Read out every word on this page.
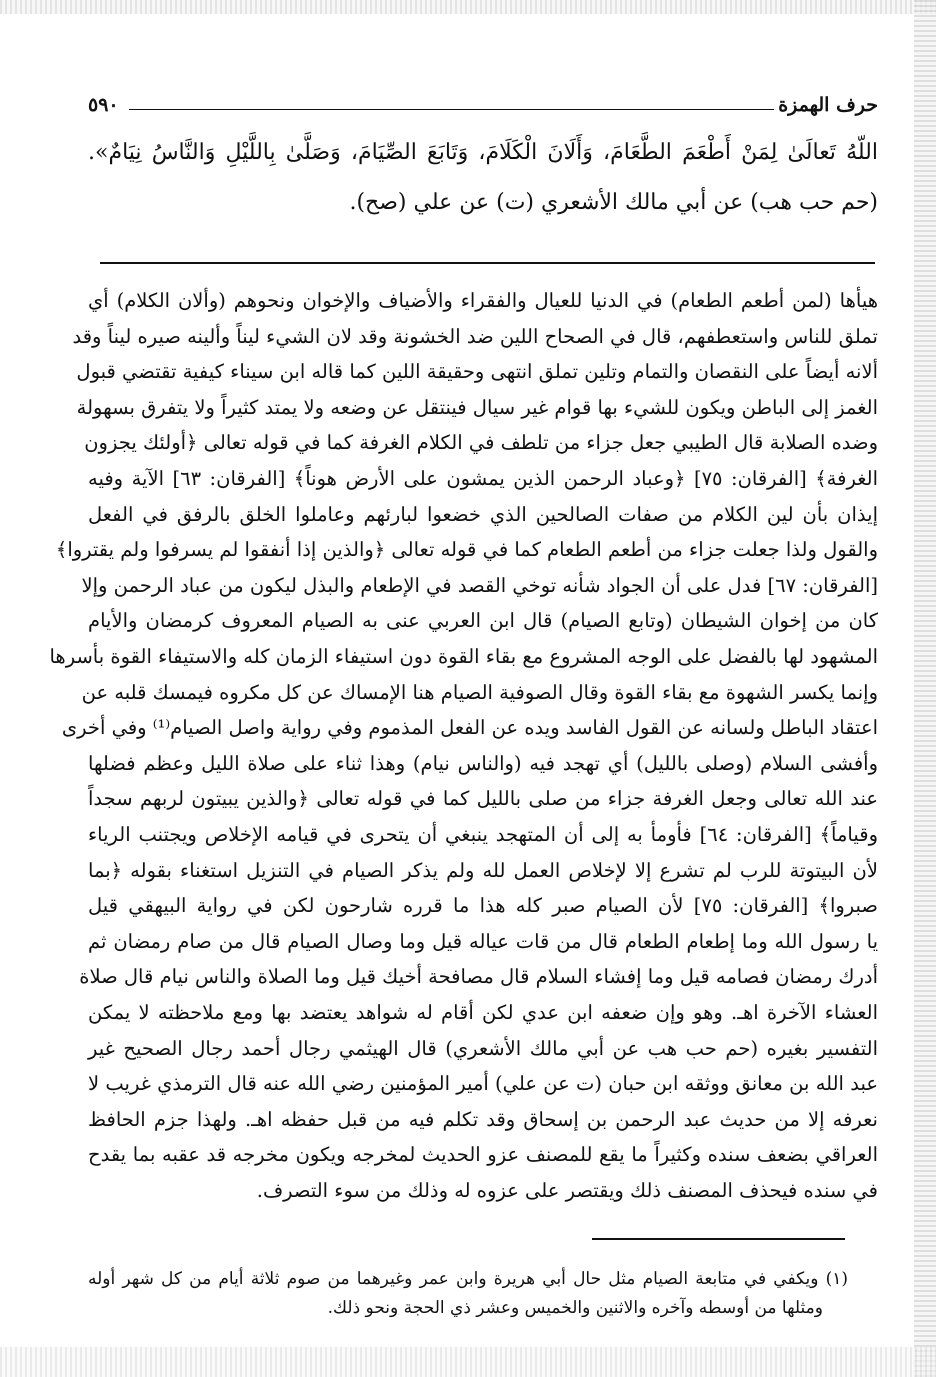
حرف الهمزة
٥٩٠
اللّهُ تَعالَىٰ لِمَنْ أَطْعَمَ الطَّعَامَ، وَأَلَانَ الْكَلَامَ، وَتَابَعَ الصِّيَامَ، وَصَلَّىٰ بِاللَّيْلِ وَالنَّاسُ نِيَامٌ».
(حم حب هب) عن أبي مالك الأشعري (ت) عن علي (صح).
هيأها (لمن أطعم الطعام) في الدنيا للعيال والفقراء والأضياف والإخوان ونحوهم (وألان الكلام) أي
تملق للناس واستعطفهم، قال في الصحاح اللين ضد الخشونة وقد لان الشيء ليناً وألينه صيره ليناً وقد
ألانه أيضاً على النقصان والتمام وتلين تملق انتهى وحقيقة اللين كما قاله ابن سيناء كيفية تقتضي قبول
الغمز إلى الباطن ويكون للشيء بها قوام غير سيال فينتقل عن وضعه ولا يمتد كثيراً ولا يتفرق بسهولة
وضده الصلابة قال الطيبي جعل جزاء من تلطف في الكلام الغرفة كما في قوله تعالى ﴿أولئك يجزون
الغرفة﴾ [الفرقان: ٧٥] ﴿وعباد الرحمن الذين يمشون على الأرض هوناً﴾ [الفرقان: ٦٣] الآية وفيه
إيذان بأن لين الكلام من صفات الصالحين الذي خضعوا لبارئهم وعاملوا الخلق بالرفق في الفعل
والقول ولذا جعلت جزاء من أطعم الطعام كما في قوله تعالى ﴿والذين إذا أنفقوا لم يسرفوا ولم يقتروا﴾
[الفرقان: ٦٧] فدل على أن الجواد شأنه توخي القصد في الإطعام والبذل ليكون من عباد الرحمن وإلا
كان من إخوان الشيطان (وتابع الصيام) قال ابن العربي عنى به الصيام المعروف كرمضان والأيام
المشهود لها بالفضل على الوجه المشروع مع بقاء القوة دون استيفاء الزمان كله والاستيفاء القوة بأسرها
وإنما يكسر الشهوة مع بقاء القوة وقال الصوفية الصيام هنا الإمساك عن كل مكروه فيمسك قلبه عن
اعتقاد الباطل ولسانه عن القول الفاسد ويده عن الفعل المذموم وفي رواية واصل الصيام⁽¹⁾ وفي أخرى
وأفشى السلام (وصلى بالليل) أي تهجد فيه (والناس نيام) وهذا ثناء على صلاة الليل وعظم فضلها
عند الله تعالى وجعل الغرفة جزاء من صلى بالليل كما في قوله تعالى ﴿والذين يبيتون لربهم سجداً
وقياماً﴾ [الفرقان: ٦٤] فأومأ به إلى أن المتهجد ينبغي أن يتحرى في قيامه الإخلاص ويجتنب الرياء
لأن البيتوتة للرب لم تشرع إلا لإخلاص العمل لله ولم يذكر الصيام في التنزيل استغناء بقوله ﴿بما
صبروا﴾ [الفرقان: ٧٥] لأن الصيام صبر كله هذا ما قرره شارحون لكن في رواية البيهقي قيل
يا رسول الله وما إطعام الطعام قال من قات عياله قيل وما وصال الصيام قال من صام رمضان ثم
أدرك رمضان فصامه قيل وما إفشاء السلام قال مصافحة أخيك قيل وما الصلاة والناس نيام قال صلاة
العشاء الآخرة اهـ. وهو وإن ضعفه ابن عدي لكن أقام له شواهد يعتضد بها ومع ملاحظته لا يمكن
التفسير بغيره (حم حب هب عن أبي مالك الأشعري) قال الهيثمي رجال أحمد رجال الصحيح غير
عبد الله بن معانق ووثقه ابن حبان (ت عن علي) أمير المؤمنين رضي الله عنه قال الترمذي غريب لا
نعرفه إلا من حديث عبد الرحمن بن إسحاق وقد تكلم فيه من قبل حفظه اهـ. ولهذا جزم الحافظ
العراقي بضعف سنده وكثيراً ما يقع للمصنف عزو الحديث لمخرجه ويكون مخرجه قد عقبه بما يقدح
في سنده فيحذف المصنف ذلك ويقتصر على عزوه له وذلك من سوء التصرف.
(١) ويكفي في متابعة الصيام مثل حال أبي هريرة وابن عمر وغيرهما من صوم ثلاثة أيام من كل شهر أوله
ومثلها من أوسطه وآخره والاثنين والخميس وعشر ذي الحجة ونحو ذلك.
